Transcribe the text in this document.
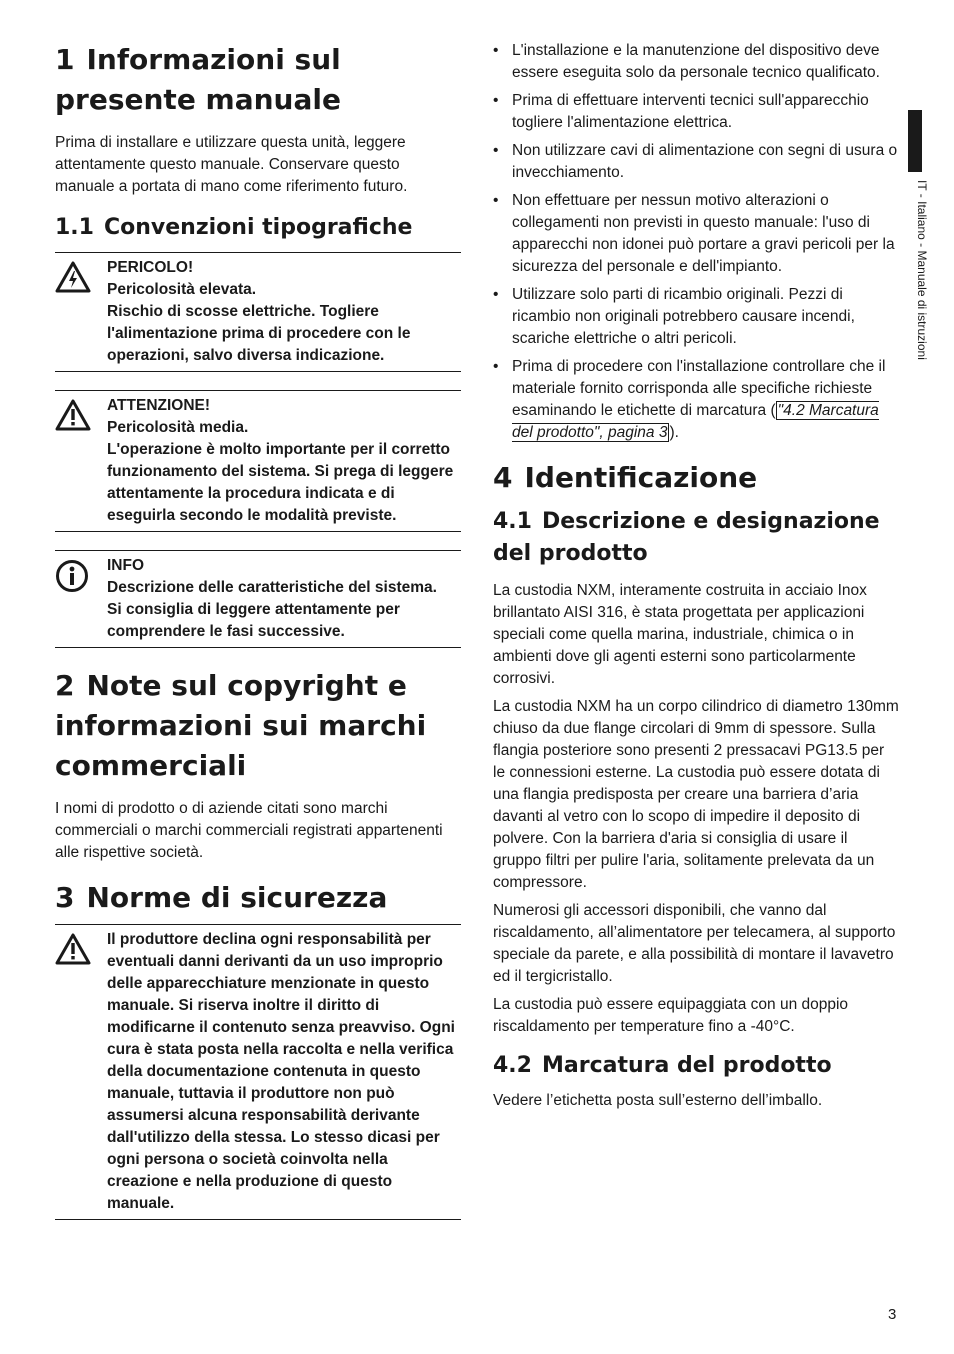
1 Informazioni sul presente manuale

Prima di installare e utilizzare questa unità, leggere attentamente questo manuale. Conservare questo manuale a portata di mano come riferimento futuro.

1.1 Convenzioni tipografiche
PERICOLO!
Pericolosità elevata.
Rischio di scosse elettriche. Togliere l'alimentazione prima di procedere con le operazioni, salvo diversa indicazione.
ATTENZIONE!
Pericolosità media.
L'operazione è molto importante per il corretto funzionamento del sistema. Si prega di leggere attentamente la procedura indicata e di eseguirla secondo le modalità previste.
INFO
Descrizione delle caratteristiche del sistema.
Si consiglia di leggere attentamente per comprendere le fasi successive.
2 Note sul copyright e informazioni sui marchi commerciali

I nomi di prodotto o di aziende citati sono marchi commerciali o marchi commerciali registrati appartenenti alle rispettive società.

3 Norme di sicurezza
Il produttore declina ogni responsabilità per eventuali danni derivanti da un uso improprio delle apparecchiature menzionate in questo manuale. Si riserva inoltre il diritto di modificarne il contenuto senza preavviso. Ogni cura è stata posta nella raccolta e nella verifica della documentazione contenuta in questo manuale, tuttavia il produttore non può assumersi alcuna responsabilità derivante dall'utilizzo della stessa. Lo stesso dicasi per ogni persona o società coinvolta nella creazione e nella produzione di questo manuale.
• L'installazione e la manutenzione del dispositivo deve essere eseguita solo da personale tecnico qualificato.
• Prima di effettuare interventi tecnici sull'apparecchio togliere l'alimentazione elettrica.
• Non utilizzare cavi di alimentazione con segni di usura o invecchiamento.
• Non effettuare per nessun motivo alterazioni o collegamenti non previsti in questo manuale: l'uso di apparecchi non idonei può portare a gravi pericoli per la sicurezza del personale e dell'impianto.
• Utilizzare solo parti di ricambio originali. Pezzi di ricambio non originali potrebbero causare incendi, scariche elettriche o altri pericoli.
• Prima di procedere con l'installazione controllare che il materiale fornito corrisponda alle specifiche richieste esaminando le etichette di marcatura ( "4.2 Marcatura del prodotto", pagina 3 ).
4 Identificazione
4.1 Descrizione e designazione del prodotto

La custodia NXM, interamente costruita in acciaio Inox brillantato AISI 316, è stata progettata per applicazioni speciali come quella marina, industriale, chimica o in ambienti dove gli agenti esterni sono particolarmente corrosivi.

La custodia NXM ha un corpo cilindrico di diametro 130mm chiuso da due flange circolari di 9mm di spessore. Sulla flangia posteriore sono presenti 2 pressacavi PG13.5 per le connessioni esterne. La custodia può essere dotata di una flangia predisposta per creare una barriera d’aria davanti al vetro con lo scopo di impedire il deposito di polvere. Con la barriera d'aria si consiglia di usare il gruppo filtri per pulire l'aria, solitamente prelevata da un compressore.

Numerosi gli accessori disponibili, che vanno dal riscaldamento, all’alimentatore per telecamera, al supporto speciale da parete, e alla possibilità di montare il lavavetro ed il tergicristallo.

La custodia può essere equipaggiata con un doppio riscaldamento per temperature fino a -40°C.

4.2 Marcatura del prodotto

Vedere l’etichetta posta sull’esterno dell’imballo.

IT - Italiano - Manuale di istruzioni
3
